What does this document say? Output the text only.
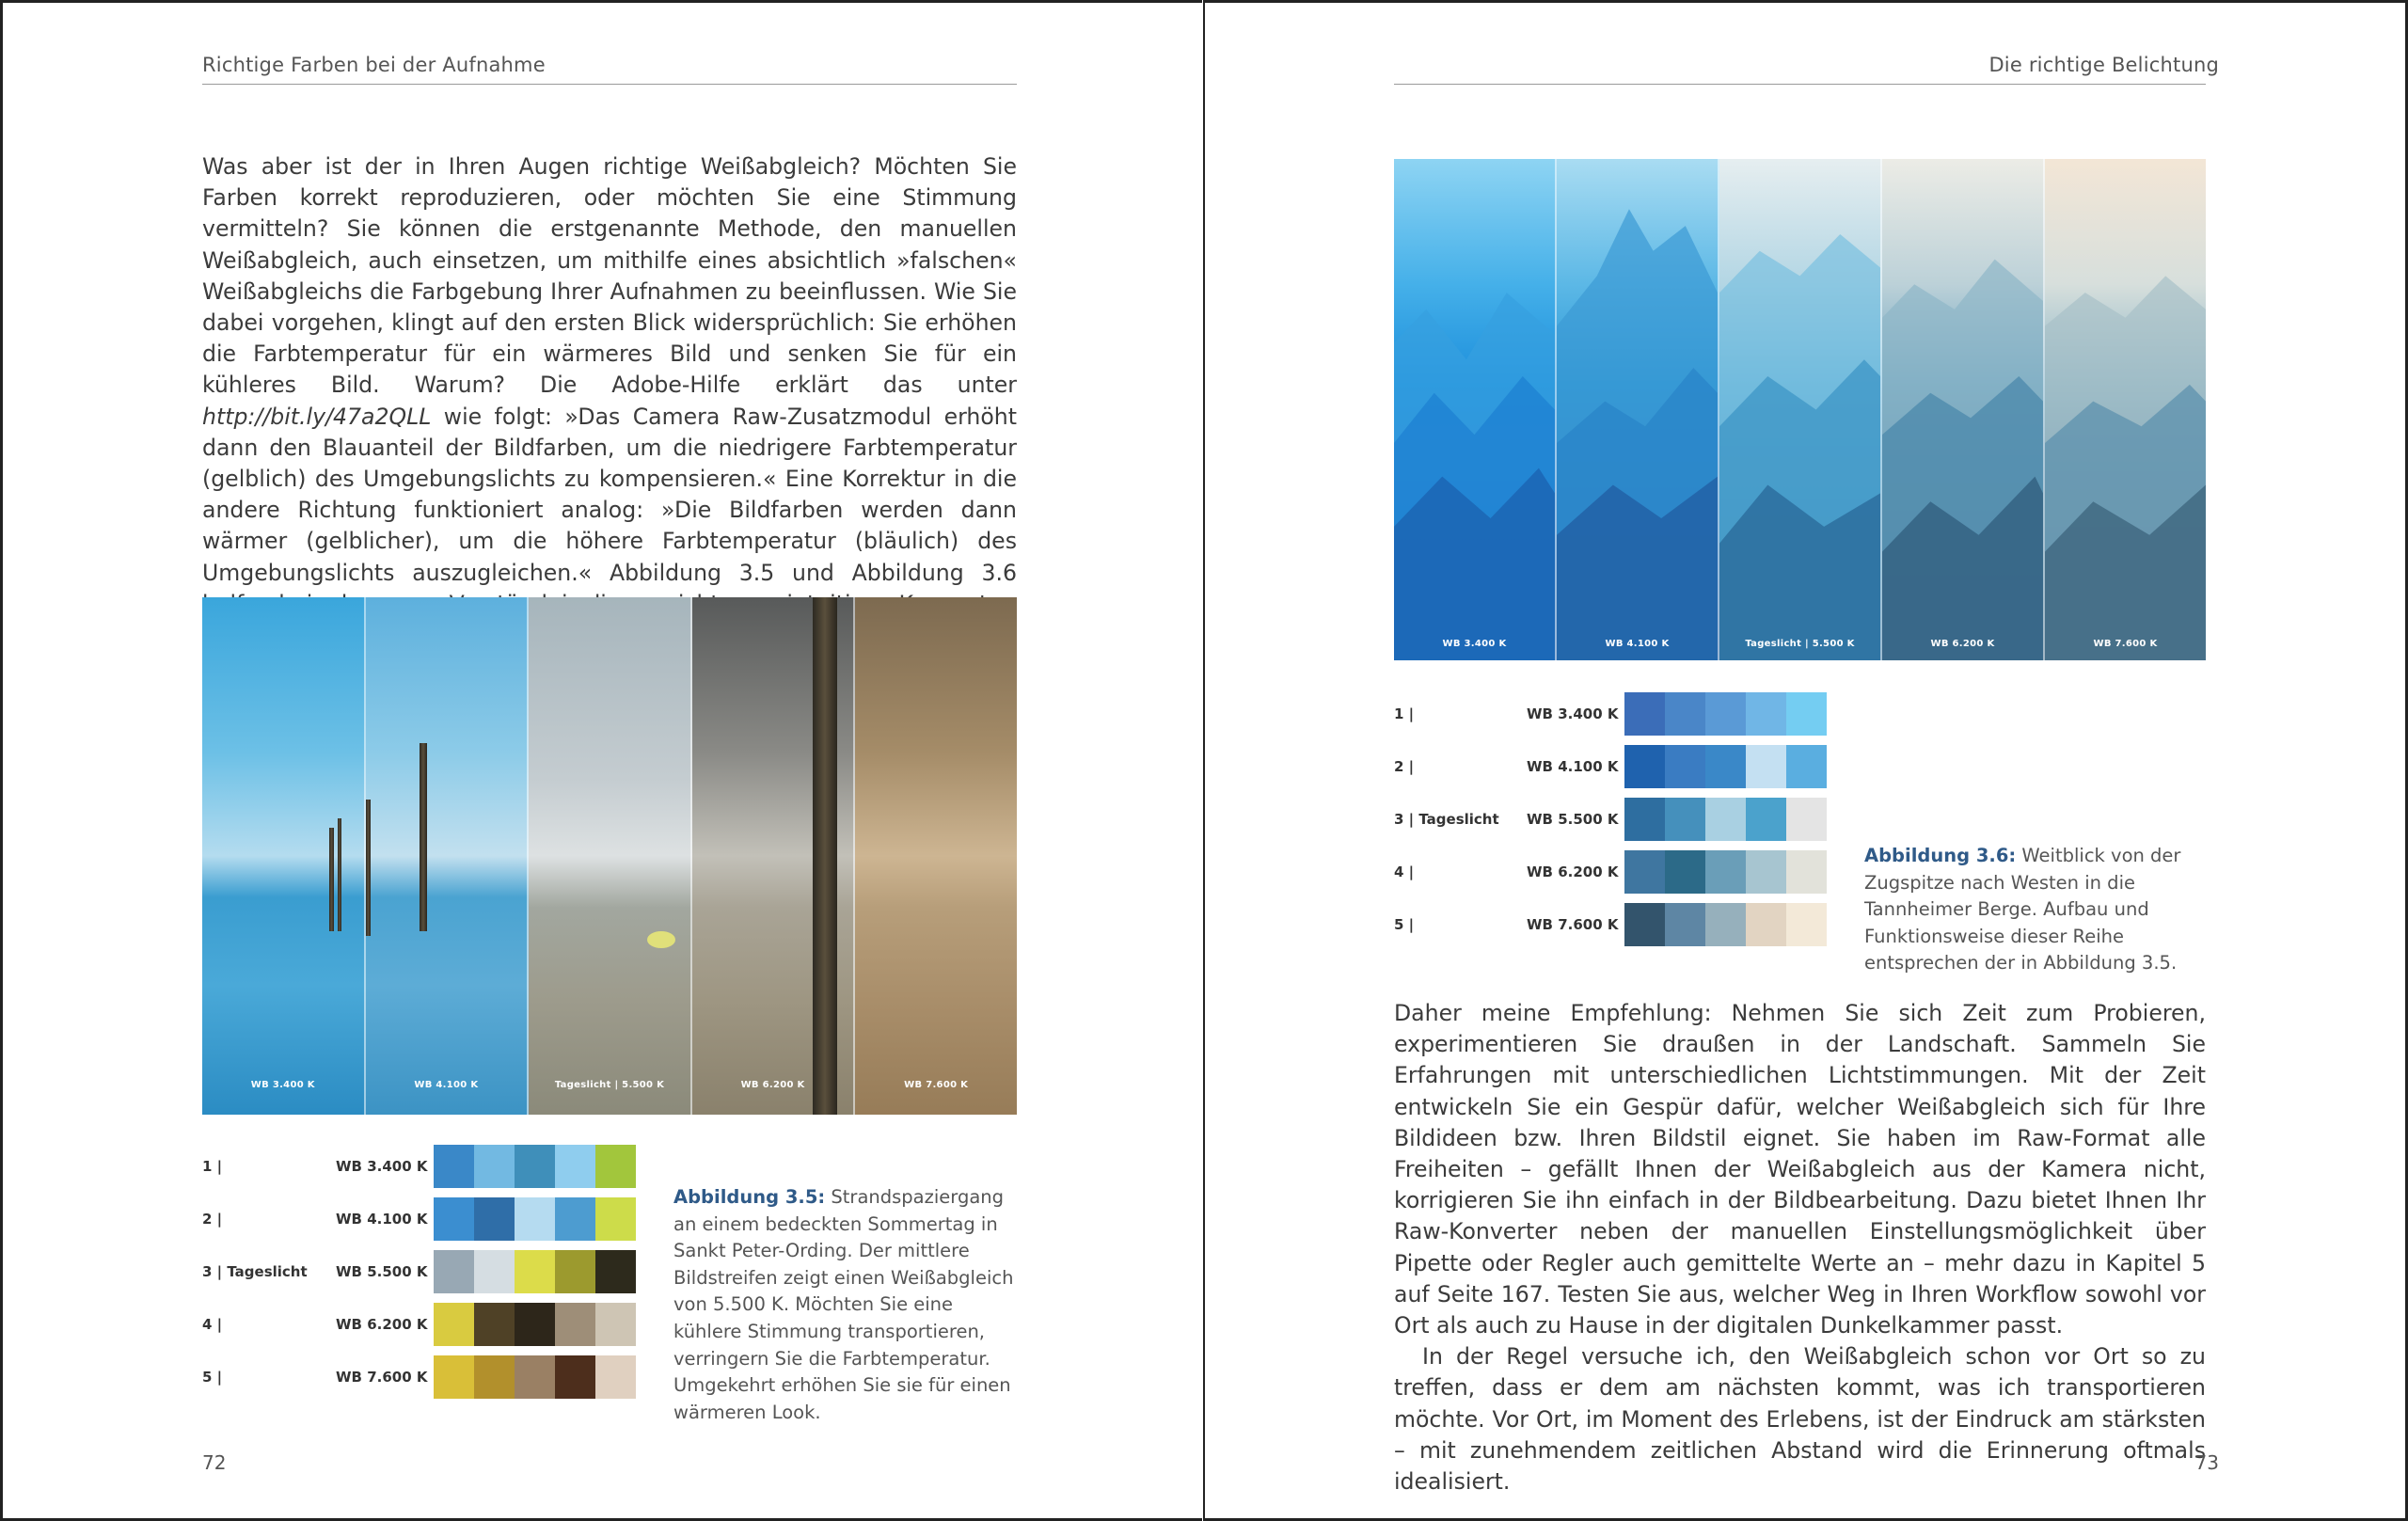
Richtige Farben bei der Aufnahme

Was aber ist der in Ihren Augen richtige Weißabgleich? Möchten Sie Farben korrekt reproduzieren, oder möchten Sie eine Stimmung vermitteln? Sie können die erstgenannte Methode, den manuellen Weißabgleich, auch einsetzen, um mithilfe eines absichtlich »falschen« Weißabgleichs die Farbgebung Ihrer Aufnahmen zu beeinflussen. Wie Sie dabei vorgehen, klingt auf den ersten Blick widersprüchlich: Sie erhöhen die Farbtemperatur für ein wärmeres Bild und senken Sie für ein kühleres Bild. Warum? Die Adobe-Hilfe erklärt das unter http://bit.ly/47a2QLL wie folgt: »Das Camera Raw-Zusatzmodul erhöht dann den Blauanteil der Bildfarben, um die niedrigere Farbtemperatur (gelblich) des Umgebungslichts zu kompensieren.« Eine Korrektur in die andere Richtung funktioniert analog: »Die Bildfarben werden dann wärmer (gelblicher), um die höhere Farbtemperatur (bläulich) des Umgebungslichts auszugleichen.« Abbildung 3.5 und Abbildung 3.6

WB 3.400 K	WB 4.100 K	Tageslicht | 5.500 K	WB 6.200 K	WB 7.600 K
1 |	WB 3.400 K
2 |	WB 4.100 K
3 | Tageslicht	WB 5.500 K
4 |	WB 6.200 K
5 |	WB 7.600 K
Abbildung 3.5: Strandspaziergang an einem bedeckten Sommertag in Sankt Peter-Ording. Der mittlere Bildstreifen zeigt einen Weißabgleich von 5.500 K. Möchten Sie eine kühlere Stimmung transportieren, verringern Sie die Farbtemperatur. Umgekehrt erhöhen Sie sie für einen wärmeren Look.
72
Die richtige Belichtung
WB 3.400 K	WB 4.100 K	Tageslicht | 5.500 K	WB 6.200 K	WB 7.600 K
1 |	WB 3.400 K
2 |	WB 4.100 K
3 | Tageslicht	WB 5.500 K
4 |	WB 6.200 K
5 |	WB 7.600 K
Abbildung 3.6: Weitblick von der Zugspitze nach Westen in die Tannheimer Berge. Aufbau und Funktionsweise dieser Reihe entsprechen der in Abbildung 3.5.

Daher meine Empfehlung: Nehmen Sie sich Zeit zum Probieren, experimentieren Sie draußen in der Landschaft. Sammeln Sie Erfahrungen mit unterschiedlichen Lichtstimmungen. Mit der Zeit entwickeln Sie ein Gespür dafür, welcher Weißabgleich sich für Ihre Bildideen bzw. Ihren Bildstil eignet. Sie haben im Raw-Format alle Freiheiten – gefällt Ihnen der Weißabgleich aus der Kamera nicht, korrigieren Sie ihn einfach in der Bildbearbeitung. Dazu bietet Ihnen Ihr Raw-Konverter neben der manuellen Einstellungsmöglichkeit über Pipette oder Regler auch gemittelte Werte an – mehr dazu in Kapitel 5 auf Seite 167. Testen Sie aus, welcher Weg in Ihren Workflow sowohl vor Ort als auch zu Hause in der digitalen Dunkelkammer passt.

In der Regel versuche ich, den Weißabgleich schon vor Ort so zu treffen, dass er dem am nächsten kommt, was ich transportieren möchte. Vor Ort, im Moment des Erlebens, ist der Eindruck am stärksten – mit zunehmendem zeitlichen Abstand wird die Erinnerung oftmals idealisiert.

73
